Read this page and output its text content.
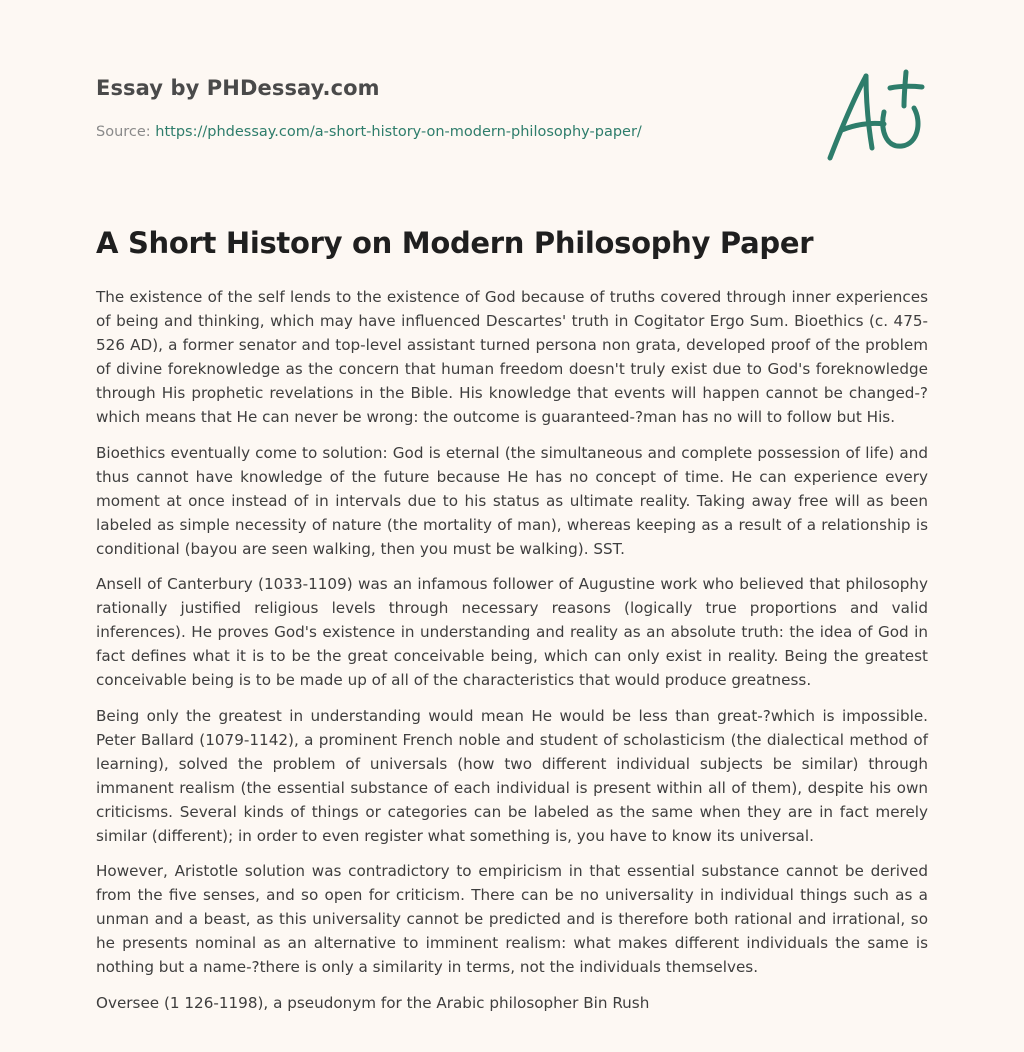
Essay by PHDessay.com
Source: https://phdessay.com/a-short-history-on-modern-philosophy-paper/
A Short History on Modern Philosophy Paper

The existence of the self lends to the existence of God because of truths covered through inner experiences of being and thinking, which may have influenced Descartes' truth in Cogitator Ergo Sum. Bioethics (c. 475-526 AD), a former senator and top-level assistant turned persona non grata, developed proof of the problem of divine foreknowledge as the concern that human freedom doesn't truly exist due to God's foreknowledge through His prophetic revelations in the Bible. His knowledge that events will happen cannot be changed-?which means that He can never be wrong: the outcome is guaranteed-?man has no will to follow but His.

Bioethics eventually come to solution: God is eternal (the simultaneous and complete possession of life) and thus cannot have knowledge of the future because He has no concept of time. He can experience every moment at once instead of in intervals due to his status as ultimate reality. Taking away free will as been labeled as simple necessity of nature (the mortality of man), whereas keeping as a result of a relationship is conditional (bayou are seen walking, then you must be walking). SST.

Ansell of Canterbury (1033-1109) was an infamous follower of Augustine work who believed that philosophy rationally justified religious levels through necessary reasons (logically true proportions and valid inferences). He proves God's existence in understanding and reality as an absolute truth: the idea of God in fact defines what it is to be the great conceivable being, which can only exist in reality. Being the greatest conceivable being is to be made up of all of the characteristics that would produce greatness.

Being only the greatest in understanding would mean He would be less than great-?which is impossible. Peter Ballard (1079-1142), a prominent French noble and student of scholasticism (the dialectical method of learning), solved the problem of universals (how two different individual subjects be similar) through immanent realism (the essential substance of each individual is present within all of them), despite his own criticisms. Several kinds of things or categories can be labeled as the same when they are in fact merely similar (different); in order to even register what something is, you have to know its universal.

However, Aristotle solution was contradictory to empiricism in that essential substance cannot be derived from the five senses, and so open for criticism. There can be no universality in individual things such as a unman and a beast, as this universality cannot be predicted and is therefore both rational and irrational, so he presents nominal as an alternative to imminent realism: what makes different individuals the same is nothing but a name-?there is only a similarity in terms, not the individuals themselves.

Oversee (1 126-1198), a pseudonym for the Arabic philosopher Bin Rush
